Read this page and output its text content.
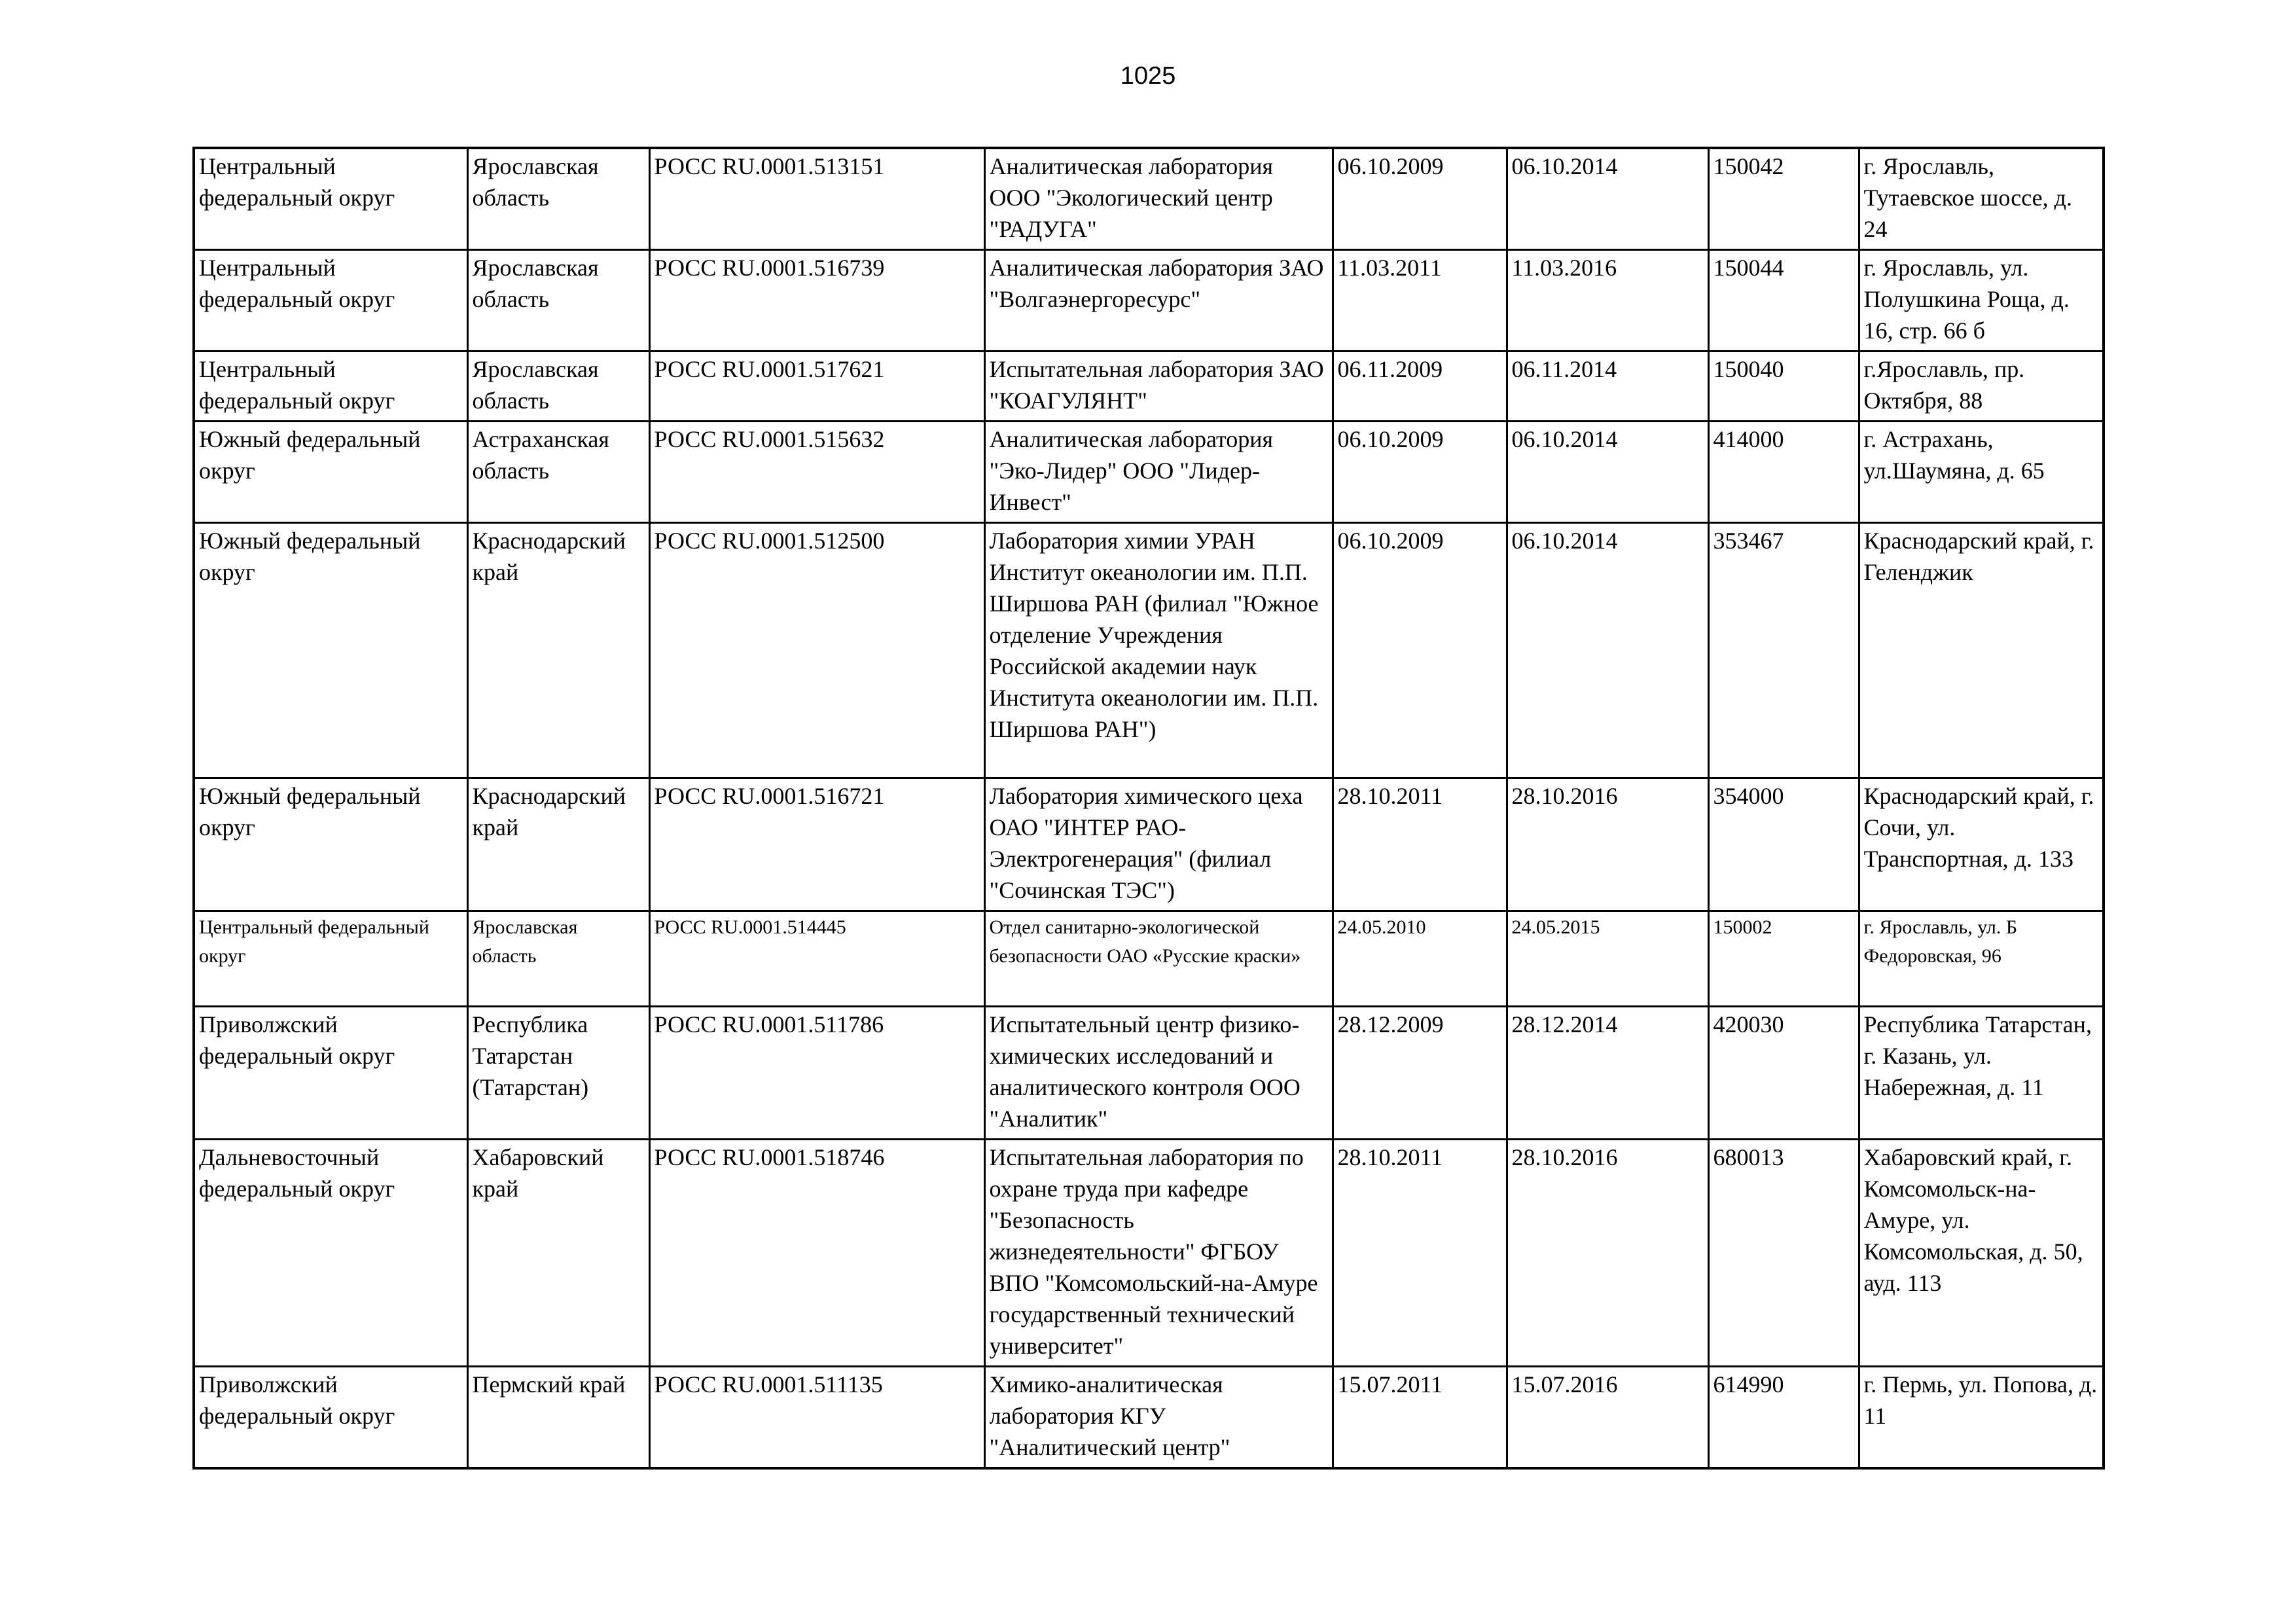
1025
Центральный федеральный округ	Ярославская область	РОСС RU.0001.513151	Аналитическая лаборатория ООО "Экологический центр "РАДУГА"	06.10.2009	06.10.2014	150042	г. Ярославль, Тутаевское шоссе, д. 24
Центральный федеральный округ	Ярославская область	РОСС RU.0001.516739	Аналитическая лаборатория ЗАО "Волгаэнергоресурс"	11.03.2011	11.03.2016	150044	г. Ярославль, ул. Полушкина Роща, д. 16, стр. 66 б
Центральный федеральный округ	Ярославская область	РОСС RU.0001.517621	Испытательная лаборатория ЗАО "КОАГУЛЯНТ"	06.11.2009	06.11.2014	150040	г.Ярославль, пр. Октября, 88
Южный федеральный округ	Астраханская область	РОСС RU.0001.515632	Аналитическая лаборатория "Эко-Лидер" ООО "Лидер-Инвест"	06.10.2009	06.10.2014	414000	г. Астрахань, ул.Шаумяна, д. 65
Южный федеральный округ	Краснодарский край	РОСС RU.0001.512500	Лаборатория химии УРАН Институт океанологии им. П.П. Ширшова РАН (филиал "Южное отделение Учреждения Российской академии наук Института океанологии им. П.П. Ширшова РАН")	06.10.2009	06.10.2014	353467	Краснодарский край, г. Геленджик
Южный федеральный округ	Краснодарский край	РОСС RU.0001.516721	Лаборатория химического цеха ОАО "ИНТЕР РАО-Электрогенерация" (филиал "Сочинская ТЭС")	28.10.2011	28.10.2016	354000	Краснодарский край, г. Сочи, ул. Транспортная, д. 133
Центральный федеральный округ	Ярославская область	РОСС RU.0001.514445	Отдел санитарно-экологической безопасности ОАО «Русские краски»	24.05.2010	24.05.2015	150002	г. Ярославль, ул. Б Федоровская, 96
Приволжский федеральный округ	Республика Татарстан (Татарстан)	РОСС RU.0001.511786	Испытательный центр физико-химических исследований и аналитического контроля ООО "Аналитик"	28.12.2009	28.12.2014	420030	Республика Татарстан, г. Казань, ул. Набережная, д. 11
Дальневосточный федеральный округ	Хабаровский край	РОСС RU.0001.518746	Испытательная лаборатория по охране труда при кафедре "Безопасность жизнедеятельности" ФГБОУ ВПО "Комсомольский-на-Амуре государственный технический университет"	28.10.2011	28.10.2016	680013	Хабаровский край, г. Комсомольск-на-Амуре, ул. Комсомольская, д. 50, ауд. 113
Приволжский федеральный округ	Пермский край	РОСС RU.0001.511135	Химико-аналитическая лаборатория КГУ "Аналитический центр"	15.07.2011	15.07.2016	614990	г. Пермь, ул. Попова, д. 11
